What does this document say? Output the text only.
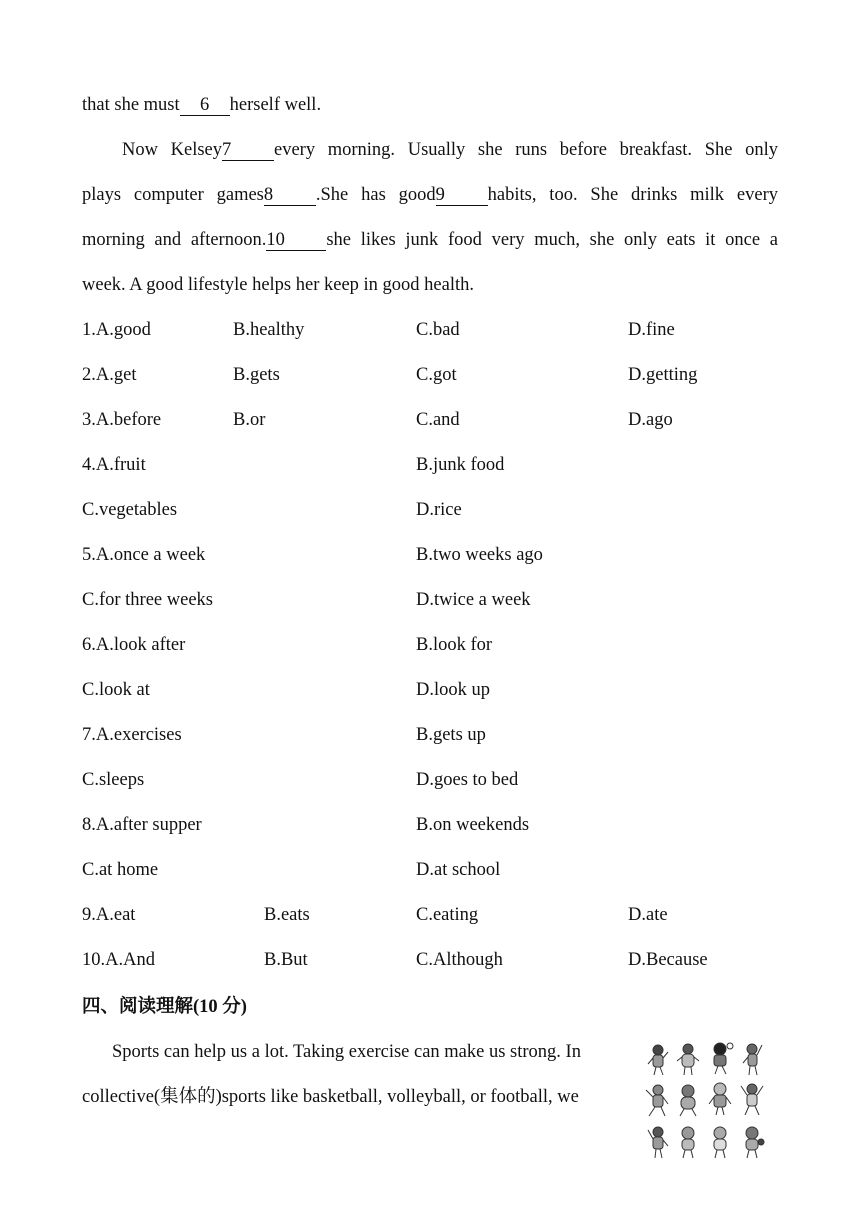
that she must 6 herself well.
Now Kelsey7 every morning. Usually she runs before breakfast. She only
plays computer games8 .She has good9 habits, too. She drinks milk every
morning and afternoon.10 she likes junk food very much, she only eats it once a
week. A good lifestyle helps her keep in good health.
1.A.good	B.healthy	C.bad	D.fine
2.A.get	B.gets	C.got	D.getting
3.A.before	B.or	C.and	D.ago
4.A.fruit	B.junk food
C.vegetables	D.rice
5.A.once a week	B.two weeks ago
C.for three weeks	D.twice a week
6.A.look after	B.look for
C.look at	D.look up
7.A.exercises	B.gets up
C.sleeps	D.goes to bed
8.A.after supper	B.on weekends
C.at home	D.at school
9.A.eat	B.eats	C.eating	D.ate
10.A.And	B.But	C.Although	D.Because
四、阅读理解(10 分)
Sports can help us a lot. Taking exercise can make us strong. In
collective(集体的)sports like basketball, volleyball, or football, we
